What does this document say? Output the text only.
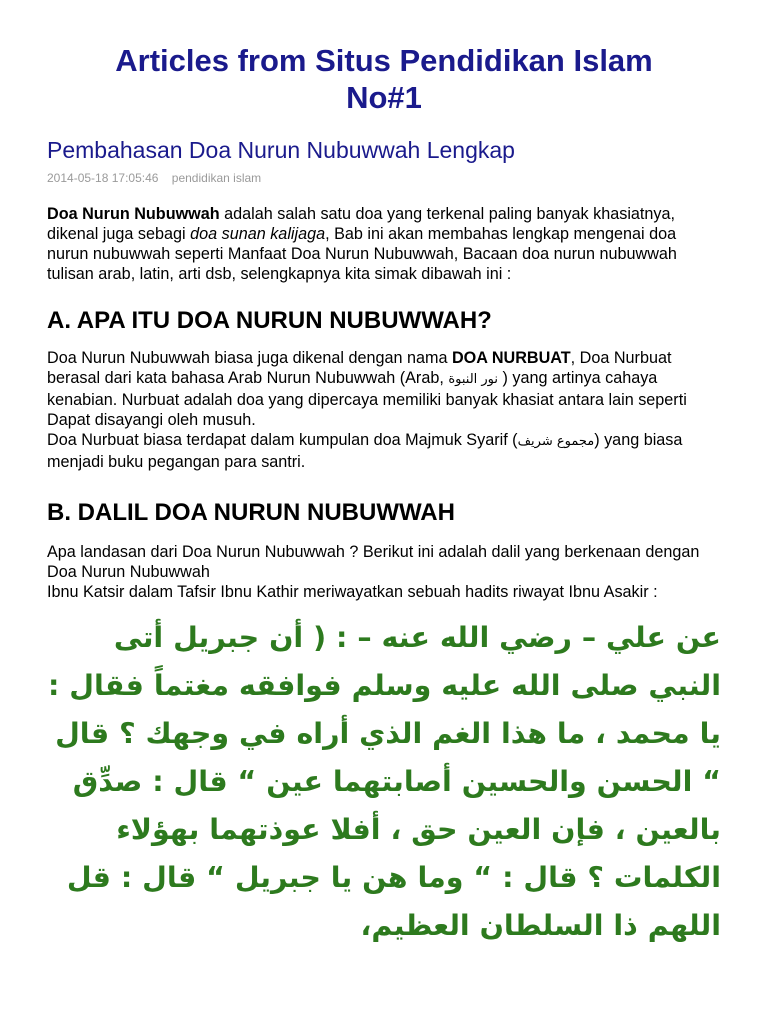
Articles from Situs Pendidikan Islam
No#1
Pembahasan Doa Nurun Nubuwwah Lengkap
2014-05-18 17:05:46 pendidikan islam

Doa Nurun Nubuwwah adalah salah satu doa yang terkenal paling banyak khasiatnya, dikenal juga sebagi doa sunan kalijaga, Bab ini akan membahas lengkap mengenai doa nurun nubuwwah seperti Manfaat Doa Nurun Nubuwwah, Bacaan doa nurun nubuwwah tulisan arab, latin, arti dsb, selengkapnya kita simak dibawah ini :

A. APA ITU DOA NURUN NUBUWWAH?

Doa Nurun Nubuwwah biasa juga dikenal dengan nama DOA NURBUAT, Doa Nurbuat berasal dari kata bahasa Arab Nurun Nubuwwah (Arab, نور النبوة ) yang artinya cahaya kenabian. Nurbuat adalah doa yang dipercaya memiliki banyak khasiat antara lain seperti Dapat disayangi oleh musuh.
Doa Nurbuat biasa terdapat dalam kumpulan doa Majmuk Syarif (مجموع شريف) yang biasa menjadi buku pegangan para santri.

B. DALIL DOA NURUN NUBUWWAH

Apa landasan dari Doa Nurun Nubuwwah ? Berikut ini adalah dalil yang berkenaan dengan Doa Nurun Nubuwwah
Ibnu Katsir dalam Tafsir Ibnu Kathir meriwayatkan sebuah hadits riwayat Ibnu Asakir :

عن علي – رضي الله عنه – : ( أن جبريل أتى النبي صلى الله عليه وسلم فوافقه مغتماً فقال : يا محمد ، ما هذا الغم الذي أراه في وجهك ؟ قال “ الحسن والحسين أصابتهما عين “ قال : صدِّق بالعين ، فإن العين حق ، أفلا عوذتهما بهؤلاء الكلمات ؟ قال : “ وما هن يا جبريل “ قال : قل اللهم ذا السلطان العظيم،
